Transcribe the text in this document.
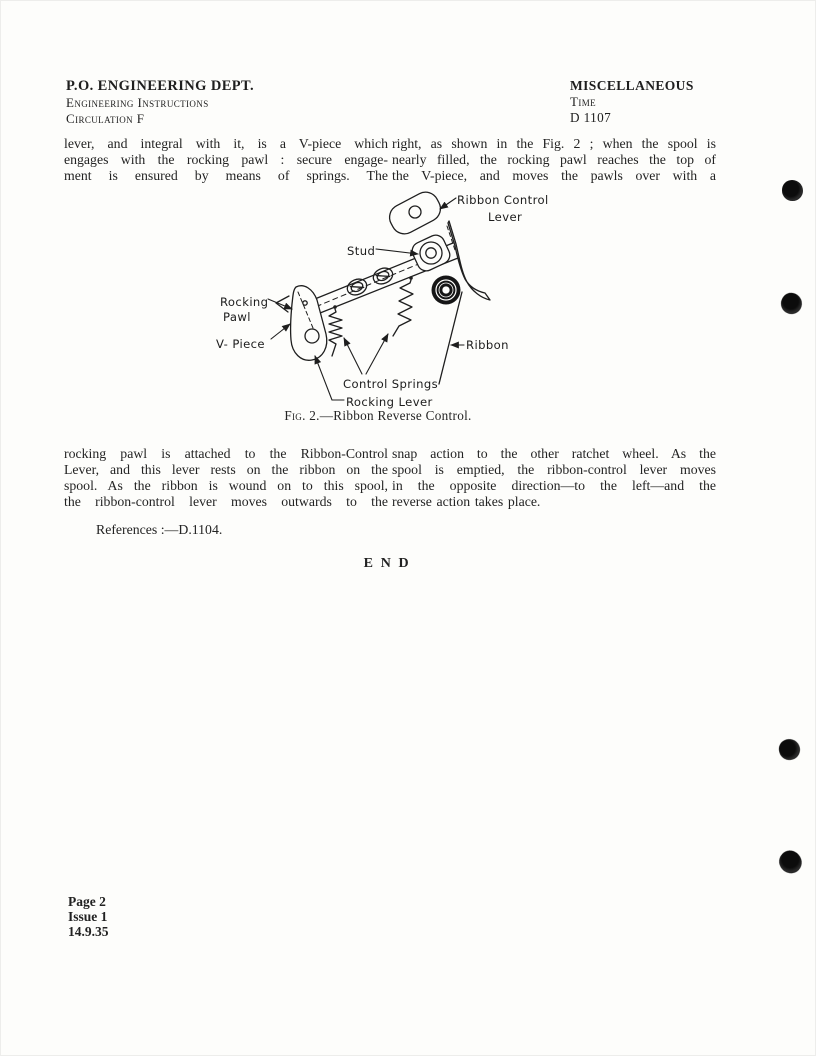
P.O. ENGINEERING DEPT.
Engineering Instructions
Circulation F
MISCELLANEOUS
Time
D 1107
lever, and integral with it, is a V-piece which
engages with the rocking pawl : secure engage-
ment is ensured by means of springs. The
right, as shown in the Fig. 2 ; when the spool is
nearly filled, the rocking pawl reaches the top of
the V-piece, and moves the pawls over with a
Ribbon Control
Lever
Stud
Rocking
Pawl
V- Piece
Control Springs
Rocking Lever
Ribbon
Fig. 2.—Ribbon Reverse Control.
rocking pawl is attached to the Ribbon-Control
Lever, and this lever rests on the ribbon on the
spool. As the ribbon is wound on to this spool,
the ribbon-control lever moves outwards to the
snap action to the other ratchet wheel. As the
spool is emptied, the ribbon-control lever moves
in the opposite direction—to the left—and the
reverse action takes place.
References :—D.1104.
END
Page 2
Issue 1
14.9.35
